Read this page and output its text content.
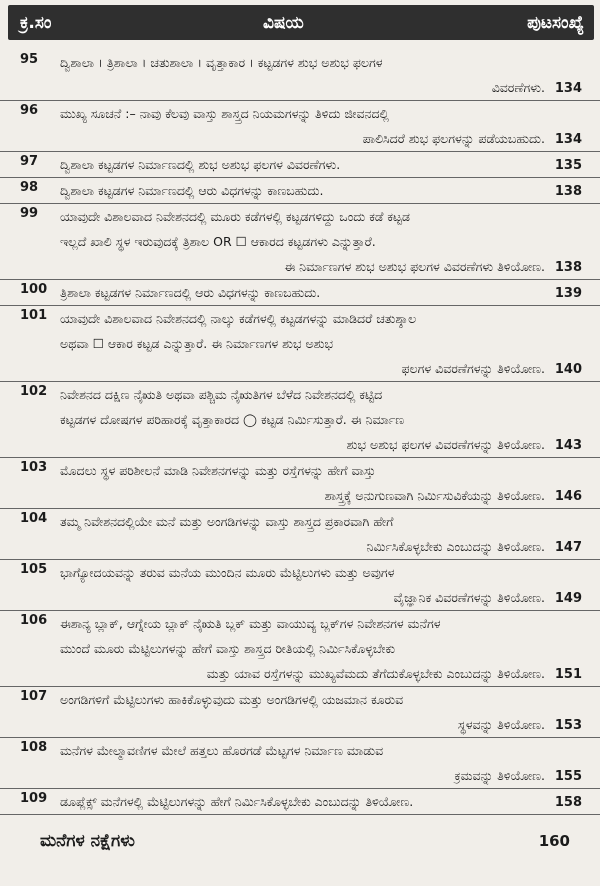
ಕ್ರ.ಸಂ	ವಿಷಯ	ಪುಟಸಂಖ್ಯೆ
95	ದ್ವಿಶಾಲಾ । ತ್ರಿಶಾಲಾ । ಚತುಶಾಲಾ । ವೃತ್ತಾಕಾರ । ಕಟ್ಟಡಗಳ ಶುಭ ಅಶುಭ ಫಲಗಳ
ವಿವರಣೆಗಳು. 134
96	ಮುಖ್ಯ ಸೂಚನೆ :– ನಾವು ಕೆಲವು ವಾಸ್ತು ಶಾಸ್ತ್ರದ ನಿಯಮಗಳನ್ನು ತಿಳಿದು ಜೀವನದಲ್ಲಿ
ಪಾಲಿಸಿದರೆ ಶುಭ ಫಲಗಳನ್ನು ಪಡೆಯಬಹುದು. 134
97	ದ್ವಿಶಾಲಾ ಕಟ್ಟಡಗಳ ನಿರ್ಮಾಣದಲ್ಲಿ ಶುಭ ಅಶುಭ ಫಲಗಳ ವಿವರಣೆಗಳು.	135
98	ದ್ವಿಶಾಲಾ ಕಟ್ಟಡಗಳ ನಿರ್ಮಾಣದಲ್ಲಿ ಆರು ವಿಧಗಳನ್ನು ಕಾಣಬಹುದು.	138
99	ಯಾವುದೇ ವಿಶಾಲವಾದ ನಿವೇಶನದಲ್ಲಿ ಮೂರು ಕಡೆಗಳಲ್ಲಿ ಕಟ್ಟಡಗಳಿದ್ದು ಒಂದು ಕಡೆ ಕಟ್ಟಡ
ಇಲ್ಲದೆ ಖಾಲಿ ಸ್ಥಳ ಇರುವುದಕ್ಕೆ ತ್ರಿಶಾಲ OR ☐ ಆಕಾರದ ಕಟ್ಟಡಗಳು ಎನ್ನುತ್ತಾರೆ.
ಈ ನಿರ್ಮಾಣಗಳ ಶುಭ ಅಶುಭ ಫಲಗಳ ವಿವರಣೆಗಳು ತಿಳಿಯೋಣ. 138
100	ತ್ರಿಶಾಲಾ ಕಟ್ಟಡಗಳ ನಿರ್ಮಾಣದಲ್ಲಿ ಆರು ವಿಧಗಳನ್ನು ಕಾಣಬಹುದು.	139
101	ಯಾವುದೇ ವಿಶಾಲವಾದ ನಿವೇಶನದಲ್ಲಿ ನಾಲ್ಕು ಕಡೆಗಳಲ್ಲಿ ಕಟ್ಟಡಗಳನ್ನು ಮಾಡಿದರೆ ಚತುಶ್ಶಾಲ
ಅಥವಾ ☐ ಆಕಾರ ಕಟ್ಟಡ ಎನ್ನುತ್ತಾರೆ. ಈ ನಿರ್ಮಾಣಗಳ ಶುಭ ಅಶುಭ
ಫಲಗಳ ವಿವರಣೆಗಳನ್ನು ತಿಳಿಯೋಣ. 140
102	ನಿವೇಶನದ ದಕ್ಷಿಣ ನೈಋತಿ ಅಥವಾ ಪಶ್ಚಿಮ ನೈಋತಿಗಳ ಬೆಳೆದ ನಿವೇಶನದಲ್ಲಿ ಕಟ್ಟಿದ
ಕಟ್ಟಡಗಳ ದೋಷಗಳ ಪರಿಹಾರಕ್ಕೆ ವೃತ್ತಾಕಾರದ ◯ ಕಟ್ಟಡ ನಿರ್ಮಿಸುತ್ತಾರೆ. ಈ ನಿರ್ಮಾಣ
ಶುಭ ಅಶುಭ ಫಲಗಳ ವಿವರಣೆಗಳನ್ನು ತಿಳಿಯೋಣ. 143
103	ಮೊದಲು ಸ್ಥಳ ಪರಿಶೀಲನೆ ಮಾಡಿ ನಿವೇಶನಗಳನ್ನು ಮತ್ತು ರಸ್ತೆಗಳನ್ನು ಹೇಗೆ ವಾಸ್ತು
ಶಾಸ್ತ್ರಕ್ಕೆ ಅನುಗುಣವಾಗಿ ನಿರ್ಮಿಸುವಿಕೆಯನ್ನು ತಿಳಿಯೋಣ. 146
104	ತಮ್ಮ ನಿವೇಶನದಲ್ಲಿಯೇ ಮನೆ ಮತ್ತು ಅಂಗಡಿಗಳನ್ನು ವಾಸ್ತು ಶಾಸ್ತ್ರದ ಪ್ರಕಾರವಾಗಿ ಹೇಗೆ
ನಿರ್ಮಿಸಿಕೊಳ್ಳಬೇಕು ಎಂಬುದನ್ನು ತಿಳಿಯೋಣ. 147
105	ಭಾಗ್ಯೋದಯವನ್ನು ತರುವ ಮನೆಯ ಮುಂದಿನ ಮೂರು ಮೆಟ್ಟಿಲುಗಳು ಮತ್ತು ಅವುಗಳ
ವೈಜ್ಞಾನಿಕ ವಿವರಣೆಗಳನ್ನು ತಿಳಿಯೋಣ. 149
106	ಈಶಾನ್ಯ ಬ್ಲಾಕ್, ಆಗ್ನೇಯ ಬ್ಲಾಕ್ ನೈಋತಿ ಬ್ಲಕ್ ಮತ್ತು ವಾಯುವ್ಯ ಬ್ಲಕ್‌ಗಳ ನಿವೇಶನಗಳ ಮನೆಗಳ
ಮುಂದೆ ಮೂರು ಮೆಟ್ಟಿಲುಗಳನ್ನು ಹೇಗೆ ವಾಸ್ತು ಶಾಸ್ತ್ರದ ರೀತಿಯಲ್ಲಿ ನಿರ್ಮಿಸಿಕೊಳ್ಳಬೇಕು
ಮತ್ತು ಯಾವ ರಸ್ತೆಗಳನ್ನು ಮುಖ್ಯವೆಮದು ತೆಗೆದುಕೊಳ್ಳಬೇಕು ಎಂಬುದನ್ನು ತಿಳಿಯೋಣ. 151
107	ಅಂಗಡಿಗಳಿಗೆ ಮೆಟ್ಟಿಲುಗಳು ಹಾಕಿಕೊಳ್ಳುವುದು ಮತ್ತು ಅಂಗಡಿಗಳಲ್ಲಿ ಯಜಮಾನ ಕೂರುವ
ಸ್ಥಳವನ್ನು ತಿಳಿಯೋಣ. 153
108	ಮನೆಗಳ ಮೇಲ್ಮಾವಣಿಗಳ ಮೇಲೆ ಹತ್ತಲು ಹೊರಗಡೆ ಮೆಟ್ಟಗಳ ನಿರ್ಮಾಣ ಮಾಡುವ
ಕ್ರಮವನ್ನು ತಿಳಿಯೋಣ. 155
109	ಡೂಪ್ಲೆಕ್ಸ್ ಮನೆಗಳಲ್ಲಿ ಮೆಟ್ಟಿಲುಗಳನ್ನು ಹೇಗೆ ನಿರ್ಮಿಸಿಕೊಳ್ಳಬೇಕು ಎಂಬುದನ್ನು ತಿಳಿಯೋಣ.	158
ಮನೆಗಳ ನಕ್ಷೆಗಳು	160
